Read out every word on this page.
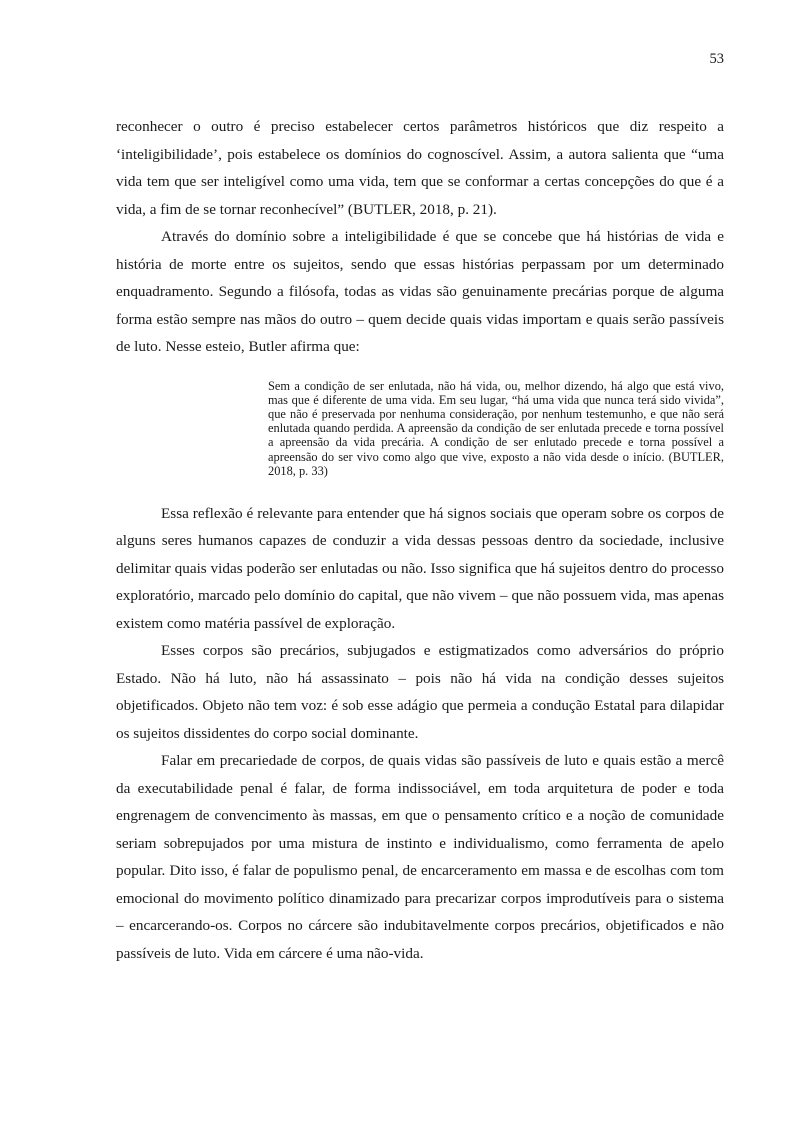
53

reconhecer o outro é preciso estabelecer certos parâmetros históricos que diz respeito a ‘inteligibilidade’, pois estabelece os domínios do cognoscível. Assim, a autora salienta que “uma vida tem que ser inteligível como uma vida, tem que se conformar a certas concepções do que é a vida, a fim de se tornar reconhecível” (BUTLER, 2018, p. 21).

Através do domínio sobre a inteligibilidade é que se concebe que há histórias de vida e história de morte entre os sujeitos, sendo que essas histórias perpassam por um determinado enquadramento. Segundo a filósofa, todas as vidas são genuinamente precárias porque de alguma forma estão sempre nas mãos do outro – quem decide quais vidas importam e quais serão passíveis de luto. Nesse esteio, Butler afirma que:

Sem a condição de ser enlutada, não há vida, ou, melhor dizendo, há algo que está vivo, mas que é diferente de uma vida. Em seu lugar, “há uma vida que nunca terá sido vivida”, que não é preservada por nenhuma consideração, por nenhum testemunho, e que não será enlutada quando perdida. A apreensão da condição de ser enlutada precede e torna possível a apreensão da vida precária. A condição de ser enlutado precede e torna possível a apreensão do ser vivo como algo que vive, exposto a não vida desde o início. (BUTLER, 2018, p. 33)

Essa reflexão é relevante para entender que há signos sociais que operam sobre os corpos de alguns seres humanos capazes de conduzir a vida dessas pessoas dentro da sociedade, inclusive delimitar quais vidas poderão ser enlutadas ou não. Isso significa que há sujeitos dentro do processo exploratório, marcado pelo domínio do capital, que não vivem – que não possuem vida, mas apenas existem como matéria passível de exploração.

Esses corpos são precários, subjugados e estigmatizados como adversários do próprio Estado. Não há luto, não há assassinato – pois não há vida na condição desses sujeitos objetificados. Objeto não tem voz: é sob esse adágio que permeia a condução Estatal para dilapidar os sujeitos dissidentes do corpo social dominante.

Falar em precariedade de corpos, de quais vidas são passíveis de luto e quais estão a mercê da executabilidade penal é falar, de forma indissociável, em toda arquitetura de poder e toda engrenagem de convencimento às massas, em que o pensamento crítico e a noção de comunidade seriam sobrepujados por uma mistura de instinto e individualismo, como ferramenta de apelo popular. Dito isso, é falar de populismo penal, de encarceramento em massa e de escolhas com tom emocional do movimento político dinamizado para precarizar corpos improdutíveis para o sistema – encarcerando-os. Corpos no cárcere são indubitavelmente corpos precários, objetificados e não passíveis de luto. Vida em cárcere é uma não-vida.
